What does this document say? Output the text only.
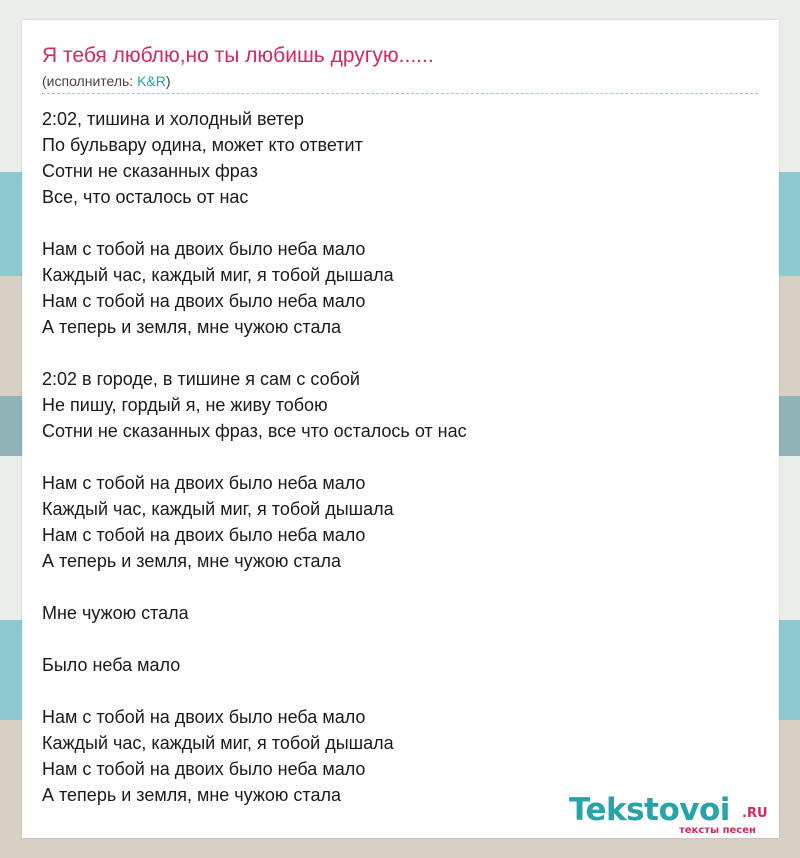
Я тебя люблю,но ты любишь другую......
(исполнитель: K&R)
2:02, тишина и холодный ветер
По бульвару одина, может кто ответит
Сотни не сказанных фраз
Все, что осталось от нас
Нам с тобой на двоих было неба мало
Каждый час, каждый миг, я тобой дышала
Нам с тобой на двоих было неба мало
А теперь и земля, мне чужою стала
2:02 в городе, в тишине я сам с собой
Не пишу, гордый я, не живу тобою
Сотни не сказанных фраз, все что осталось от нас
Нам с тобой на двоих было неба мало
Каждый час, каждый миг, я тобой дышала
Нам с тобой на двоих было неба мало
А теперь и земля, мне чужою стала
Мне чужою стала
Было неба мало
Нам с тобой на двоих было неба мало
Каждый час, каждый миг, я тобой дышала
Нам с тобой на двоих было неба мало
А теперь и земля, мне чужою стала	Tekstovoi .RU
тексты песен
